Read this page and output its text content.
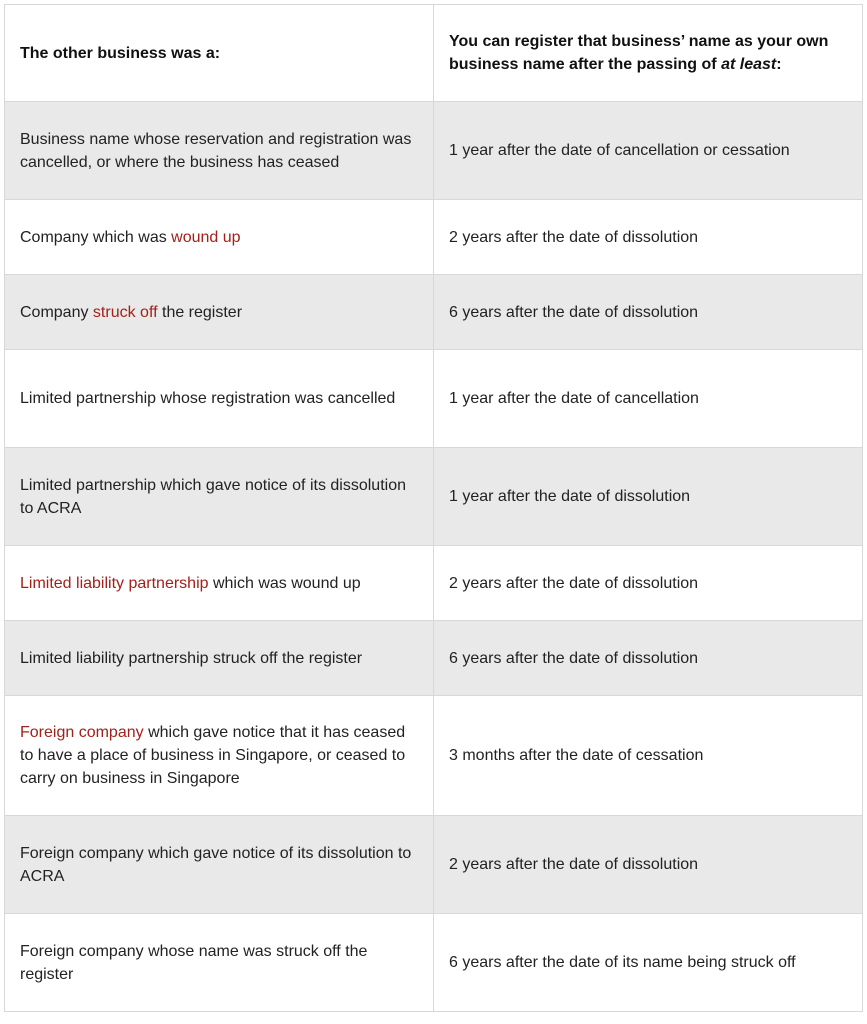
The other business was a:	You can register that business’ name as your own business name after the passing of at least:
Business name whose reservation and registration was cancelled, or where the business has ceased	1 year after the date of cancellation or cessation
Company which was wound up	2 years after the date of dissolution
Company struck off the register	6 years after the date of dissolution
Limited partnership whose registration was cancelled	1 year after the date of cancellation
Limited partnership which gave notice of its dissolution to ACRA	1 year after the date of dissolution
Limited liability partnership which was wound up	2 years after the date of dissolution
Limited liability partnership struck off the register	6 years after the date of dissolution
Foreign company which gave notice that it has ceased to have a place of business in Singapore, or ceased to carry on business in Singapore	3 months after the date of cessation
Foreign company which gave notice of its dissolution to ACRA	2 years after the date of dissolution
Foreign company whose name was struck off the register	6 years after the date of its name being struck off
